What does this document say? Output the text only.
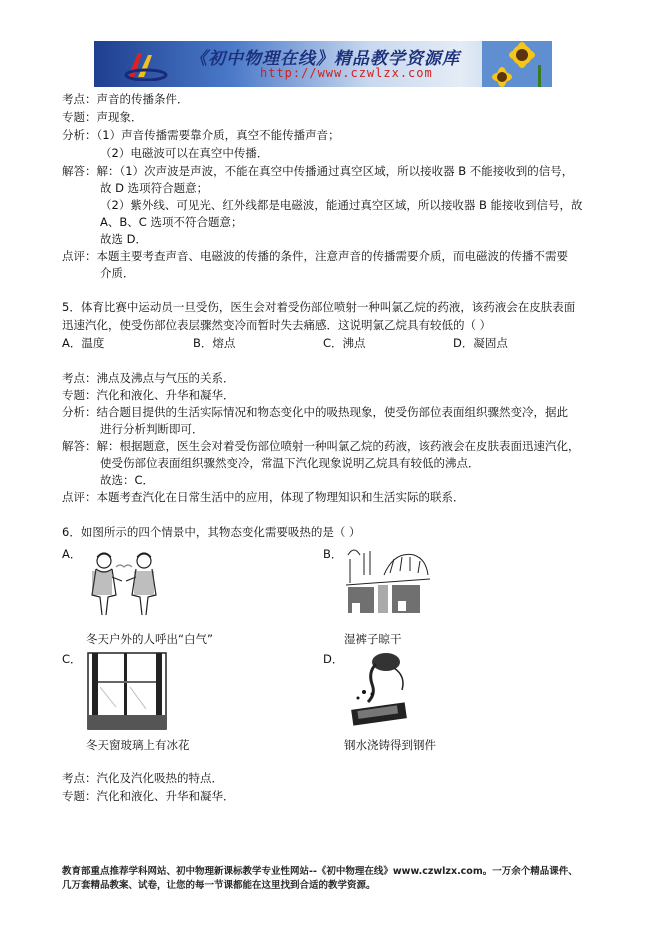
《初中物理在线》精品教学资源库
http://www.czwlzx.com
考点：声音的传播条件．
专题：声现象．
分析：（1）声音传播需要靠介质，真空不能传播声音；
（2）电磁波可以在真空中传播．
解答：解：（1）次声波是声波，不能在真空中传播通过真空区域，所以接收器 B 不能接收到的信号，
故 D 选项符合题意；
（2）紫外线、可见光、红外线都是电磁波，能通过真空区域，所以接收器 B 能接收到信号，故
A、B、C 选项不符合题意；
故选 D．
点评：本题主要考查声音、电磁波的传播的条件，注意声音的传播需要介质，而电磁波的传播不需要
介质．
5．体育比赛中运动员一旦受伤，医生会对着受伤部位喷射一种叫氯乙烷的药液，该药液会在皮肤表面
迅速汽化，使受伤部位表层骤然变冷而暂时失去痛感．这说明氯乙烷具有较低的（ ）
A．温度	B．熔点	C．沸点	D．凝固点
考点：沸点及沸点与气压的关系．
专题：汽化和液化、升华和凝华．
分析：结合题目提供的生活实际情况和物态变化中的吸热现象，使受伤部位表面组织骤然变冷，据此
进行分析判断即可．
解答：解：根据题意，医生会对着受伤部位喷射一种叫氯乙烷的药液，该药液会在皮肤表面迅速汽化，
使受伤部位表面组织骤然变冷，常温下汽化现象说明乙烷具有较低的沸点．
故选：C．
点评：本题考查汽化在日常生活中的应用，体现了物理知识和生活实际的联系．
6．如图所示的四个情景中，其物态变化需要吸热的是（ ）
A．
冬天户外的人呼出“白气”
B．
湿裤子晾干
C．
冬天窗玻璃上有冰花
D．
钢水浇铸得到钢件
考点：汽化及汽化吸热的特点．
专题：汽化和液化、升华和凝华．
教育部重点推荐学科网站、初中物理新课标教学专业性网站--《初中物理在线》www.czwlzx.com。一万余个精品课件、
几万套精品教案、试卷，让您的每一节课都能在这里找到合适的教学资源。
